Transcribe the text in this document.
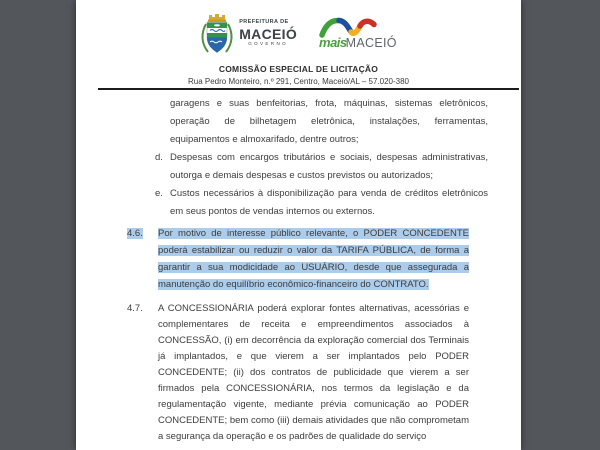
PREFEITURA DE
MACEIÓ
GOVERNO	mais MACEIÓ
COMISSÃO ESPECIAL DE LICITAÇÃO
Rua Pedro Monteiro, n.º 291, Centro, Maceió/AL – 57.020-380

garagens e suas benfeitorias, frota, máquinas, sistemas eletrônicos, operação de bilhetagem eletrônica, instalações, ferramentas, equipamentos e almoxarifado, dentre outros;

d. Despesas com encargos tributários e sociais, despesas administrativas, outorga e demais despesas e custos previstos ou autorizados;
e. Custos necessários à disponibilização para venda de créditos eletrônicos em seus pontos de vendas internos ou externos.
4.6.	Por motivo de interesse público relevante, o PODER CONCEDENTE poderá estabilizar ou reduzir o valor da TARIFA PÚBLICA, de forma a garantir a sua modicidade ao USUÁRIO, desde que assegurada a manutenção do equilíbrio econômico-financeiro do CONTRATO.
4.7.	A CONCESSIONÁRIA poderá explorar fontes alternativas, acessórias e complementares de receita e empreendimentos associados à CONCESSÃO, (i) em decorrência da exploração comercial dos Terminais já implantados, e que vierem a ser implantados pelo PODER CONCEDENTE; (ii) dos contratos de publicidade que vierem a ser firmados pela CONCESSIONÁRIA, nos termos da legislação e da regulamentação vigente, mediante prévia comunicação ao PODER CONCEDENTE; bem como (iii) demais atividades que não comprometam a segurança da operação e os padrões de qualidade do serviço
